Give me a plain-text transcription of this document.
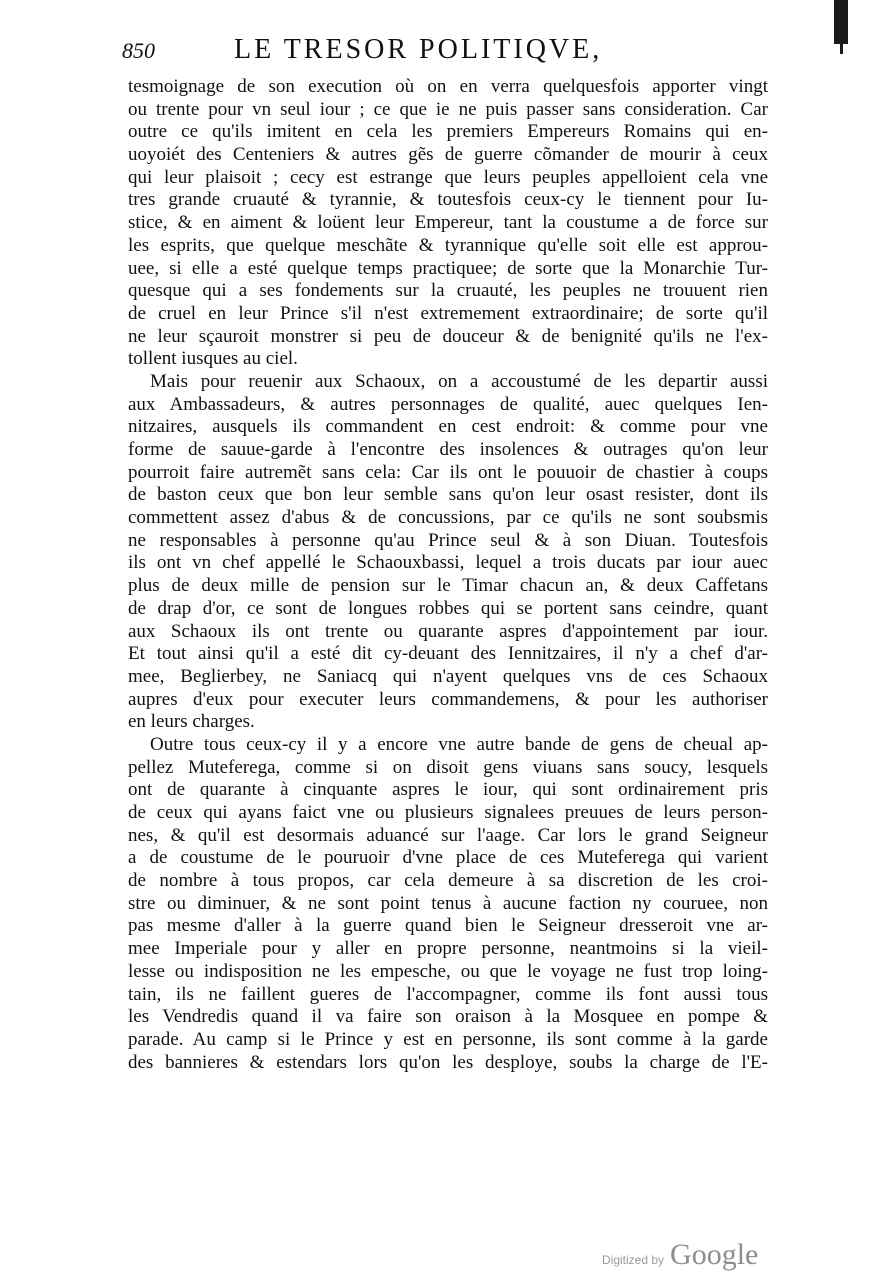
850	LE TRESOR POLITIQVE,
tesmoignage de son execution où on en verra quelquesfois apporter vingt
ou trente pour vn seul iour ; ce que ie ne puis passer sans consideration. Car
outre ce qu'ils imitent en cela les premiers Empereurs Romains qui en-
uoyoiét des Centeniers & autres gẽs de guerre cõmander de mourir à ceux
qui leur plaisoit ; cecy est estrange que leurs peuples appelloient cela vne
tres grande cruauté & tyrannie, & toutesfois ceux-cy le tiennent pour Iu-
stice, & en aiment & loüent leur Empereur, tant la coustume a de force sur
les esprits, que quelque meschãte & tyrannique qu'elle soit elle est approu-
uee, si elle a esté quelque temps practiquee; de sorte que la Monarchie Tur-
quesque qui a ses fondements sur la cruauté, les peuples ne trouuent rien
de cruel en leur Prince s'il n'est extremement extraordinaire; de sorte qu'il
ne leur sçauroit monstrer si peu de douceur & de benignité qu'ils ne l'ex-
tollent iusques au ciel.
Mais pour reuenir aux Schaoux, on a accoustumé de les departir aussi
aux Ambassadeurs, & autres personnages de qualité, auec quelques Ien-
nitzaires, ausquels ils commandent en cest endroit: & comme pour vne
forme de sauue-garde à l'encontre des insolences & outrages qu'on leur
pourroit faire autremẽt sans cela: Car ils ont le pouuoir de chastier à coups
de baston ceux que bon leur semble sans qu'on leur osast resister, dont ils
commettent assez d'abus & de concussions, par ce qu'ils ne sont soubsmis
ne responsables à personne qu'au Prince seul & à son Diuan. Toutesfois
ils ont vn chef appellé le Schaouxbassi, lequel a trois ducats par iour auec
plus de deux mille de pension sur le Timar chacun an, & deux Caffetans
de drap d'or, ce sont de longues robbes qui se portent sans ceindre, quant
aux Schaoux ils ont trente ou quarante aspres d'appointement par iour.
Et tout ainsi qu'il a esté dit cy-deuant des Iennitzaires, il n'y a chef d'ar-
mee, Beglierbey, ne Saniacq qui n'ayent quelques vns de ces Schaoux
aupres d'eux pour executer leurs commandemens, & pour les authoriser
en leurs charges.
Outre tous ceux-cy il y a encore vne autre bande de gens de cheual ap-
pellez Muteferega, comme si on disoit gens viuans sans soucy, lesquels
ont de quarante à cinquante aspres le iour, qui sont ordinairement pris
de ceux qui ayans faict vne ou plusieurs signalees preuues de leurs person-
nes, & qu'il est desormais aduancé sur l'aage. Car lors le grand Seigneur
a de coustume de le pouruoir d'vne place de ces Muteferega qui varient
de nombre à tous propos, car cela demeure à sa discretion de les croi-
stre ou diminuer, & ne sont point tenus à aucune faction ny couruee, non
pas mesme d'aller à la guerre quand bien le Seigneur dresseroit vne ar-
mee Imperiale pour y aller en propre personne, neantmoins si la vieil-
lesse ou indisposition ne les empesche, ou que le voyage ne fust trop loing-
tain, ils ne faillent gueres de l'accompagner, comme ils font aussi tous
les Vendredis quand il va faire son oraison à la Mosquee en pompe &
parade. Au camp si le Prince y est en personne, ils sont comme à la garde
des bannieres & estendars lors qu'on les desploye, soubs la charge de l'E-
Digitized by Google
